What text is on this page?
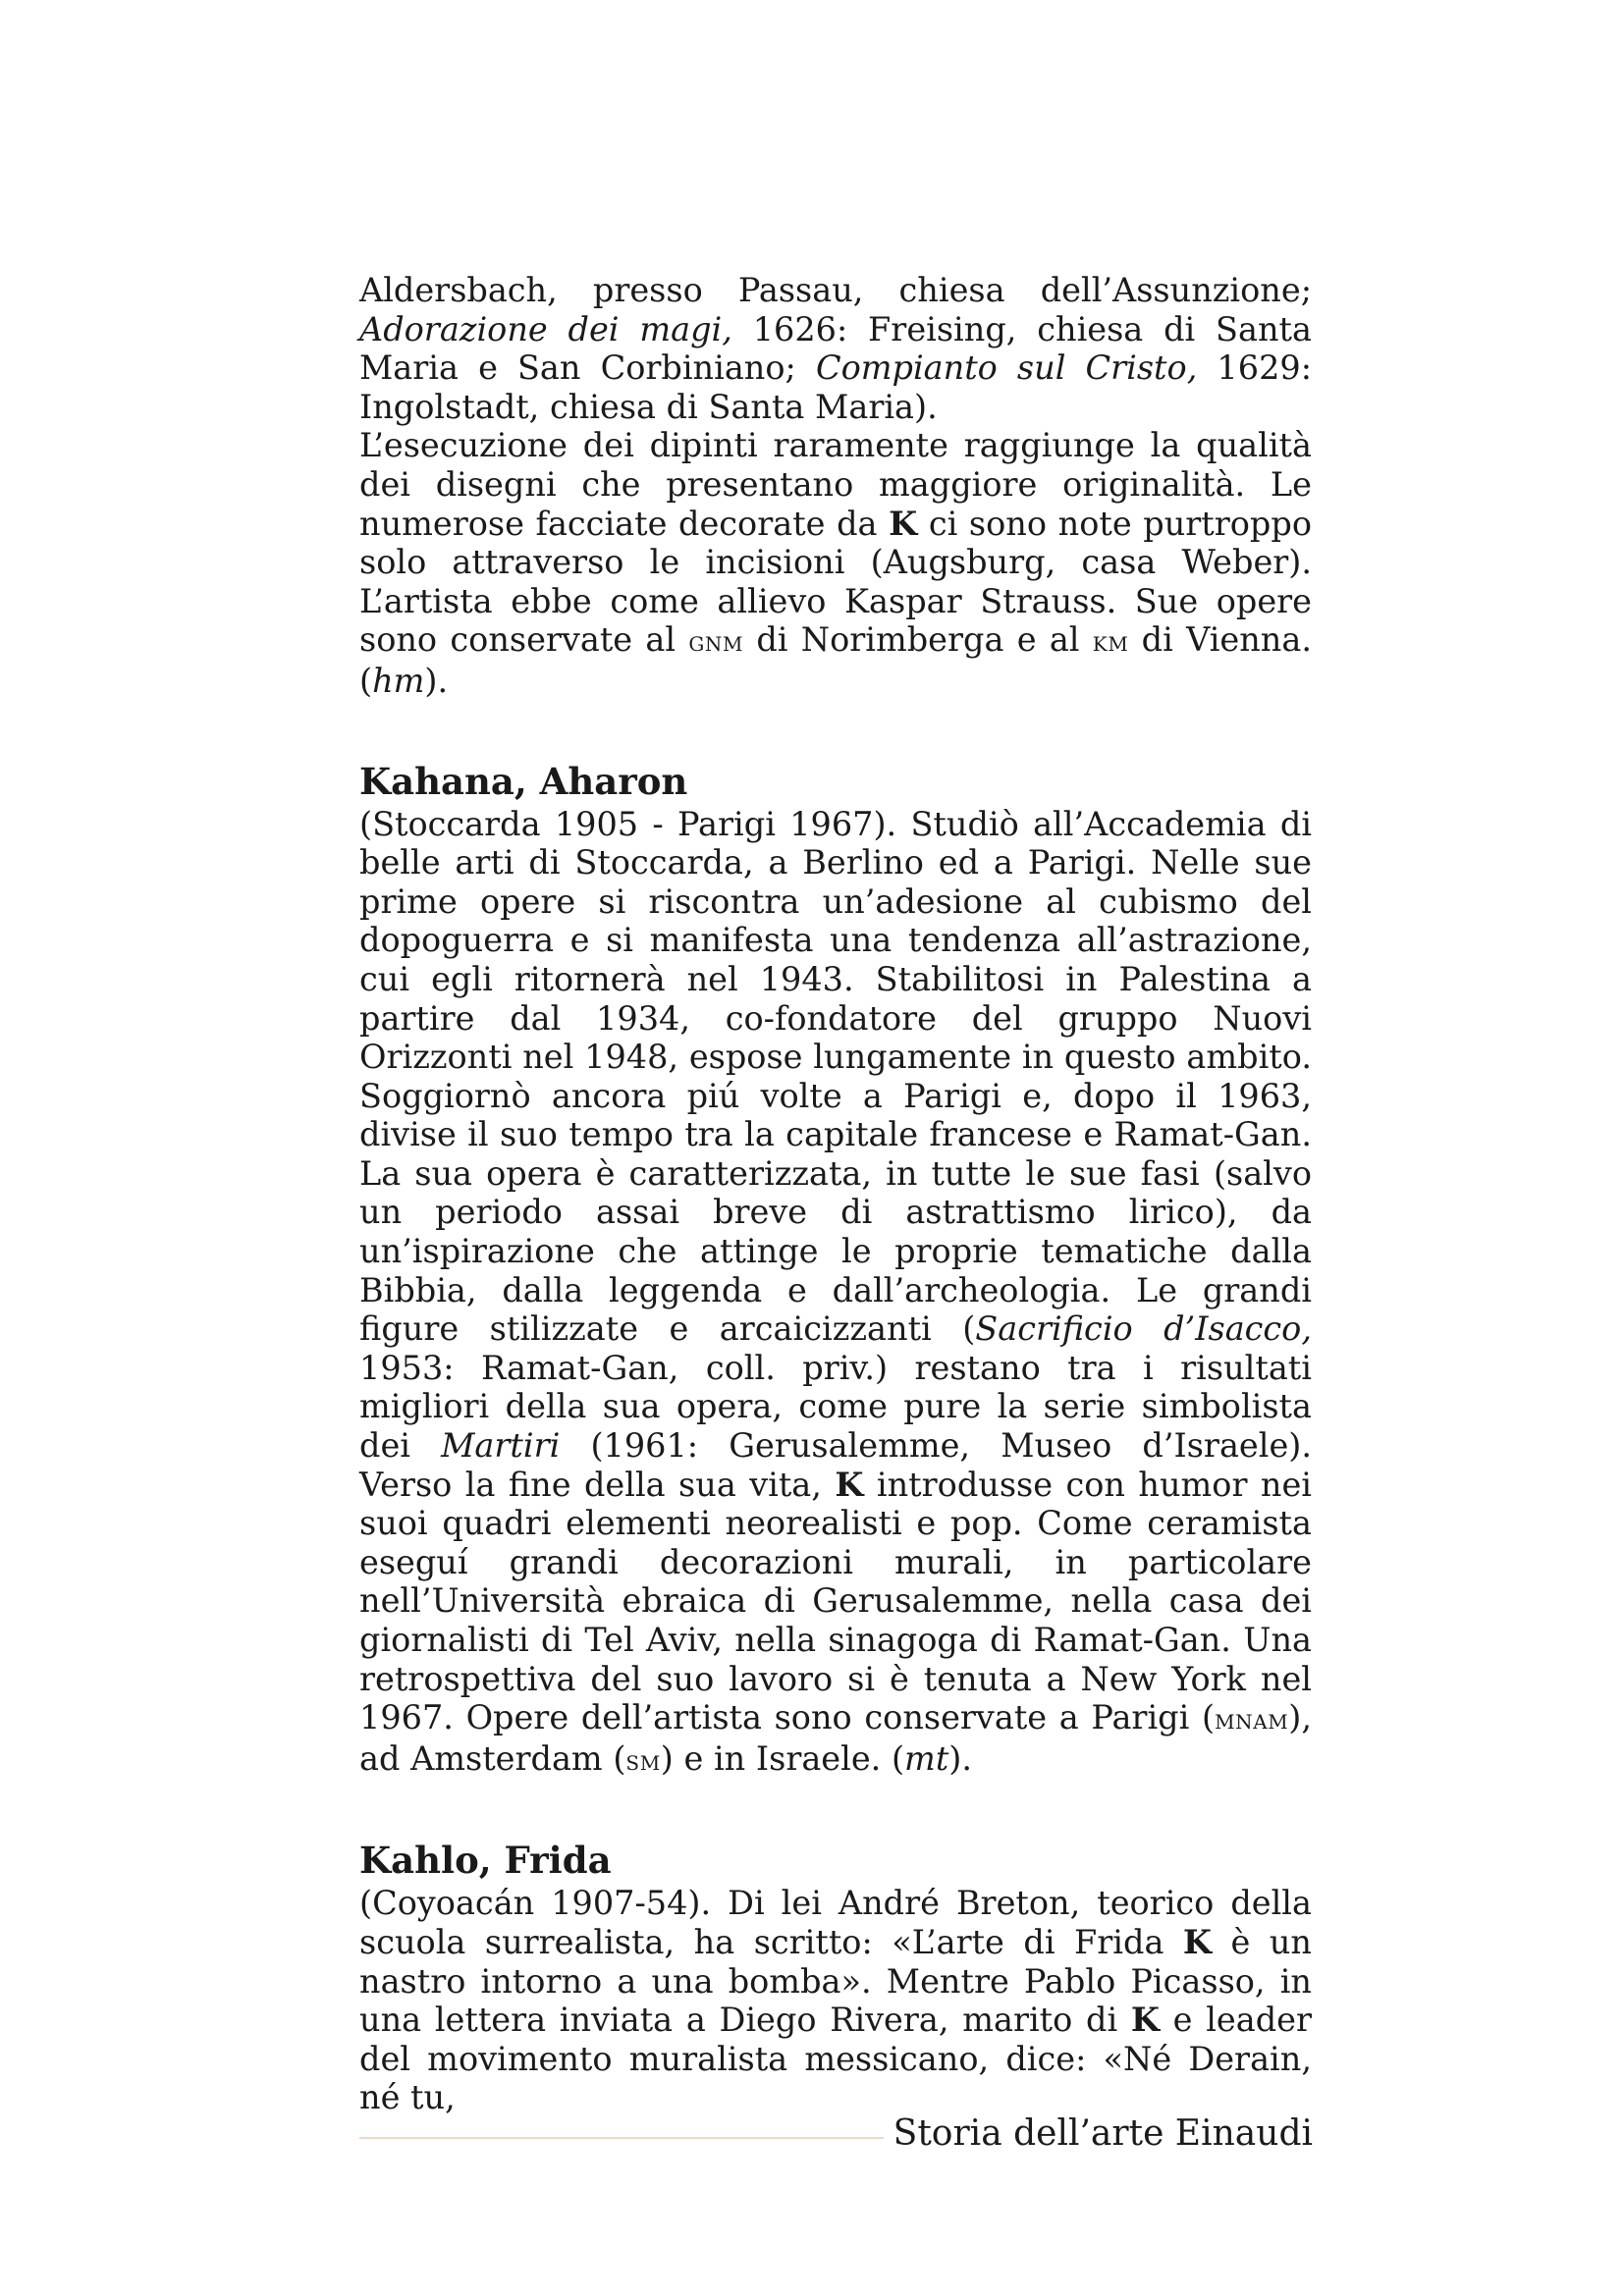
Aldersbach, presso Passau, chiesa dell’Assunzione; Adorazione dei magi, 1626: Freising, chiesa di Santa Maria e San Corbiniano; Compianto sul Cristo, 1629: Ingolstadt, chiesa di Santa Maria).

L’esecuzione dei dipinti raramente raggiunge la qualità dei disegni che presentano maggiore originalità. Le numerose facciate decorate da K ci sono note purtroppo solo attraverso le incisioni (Augsburg, casa Weber). L’artista ebbe come allievo Kaspar Strauss. Sue opere sono conservate al gnm di Norimberga e al km di Vienna. (hm).

Kahana, Aharon

(Stoccarda 1905 - Parigi 1967). Studiò all’Accademia di belle arti di Stoccarda, a Berlino ed a Parigi. Nelle sue prime opere si riscontra un’adesione al cubismo del dopoguerra e si manifesta una tendenza all’astrazione, cui egli ritornerà nel 1943. Stabilitosi in Palestina a partire dal 1934, co-fondatore del gruppo Nuovi Orizzonti nel 1948, espose lungamente in questo ambito. Soggiornò ancora piú volte a Parigi e, dopo il 1963, divise il suo tempo tra la capitale francese e Ramat-Gan. La sua opera è caratterizzata, in tutte le sue fasi (salvo un periodo assai breve di astrattismo lirico), da un’ispirazione che attinge le proprie tematiche dalla Bibbia, dalla leggenda e dall’archeologia. Le grandi figure stilizzate e arcaicizzanti (Sacrificio d’Isacco, 1953: Ramat-Gan, coll. priv.) restano tra i risultati migliori della sua opera, come pure la serie simbolista dei Martiri (1961: Gerusalemme, Museo d’Israele). Verso la fine della sua vita, K introdusse con humor nei suoi quadri elementi neorealisti e pop. Come ceramista eseguí grandi decorazioni murali, in particolare nell’Università ebraica di Gerusalemme, nella casa dei giornalisti di Tel Aviv, nella sinagoga di Ramat-Gan. Una retrospettiva del suo lavoro si è tenuta a New York nel 1967. Opere dell’artista sono conservate a Parigi (mnam), ad Amsterdam (sm) e in Israele. (mt).

Kahlo, Frida

(Coyoacán 1907-54). Di lei André Breton, teorico della scuola surrealista, ha scritto: «L’arte di Frida K è un nastro intorno a una bomba». Mentre Pablo Picasso, in una lettera inviata a Diego Rivera, marito di K e leader del movimento muralista messicano, dice: «Né Derain, né tu,

Storia dell’arte Einaudi
